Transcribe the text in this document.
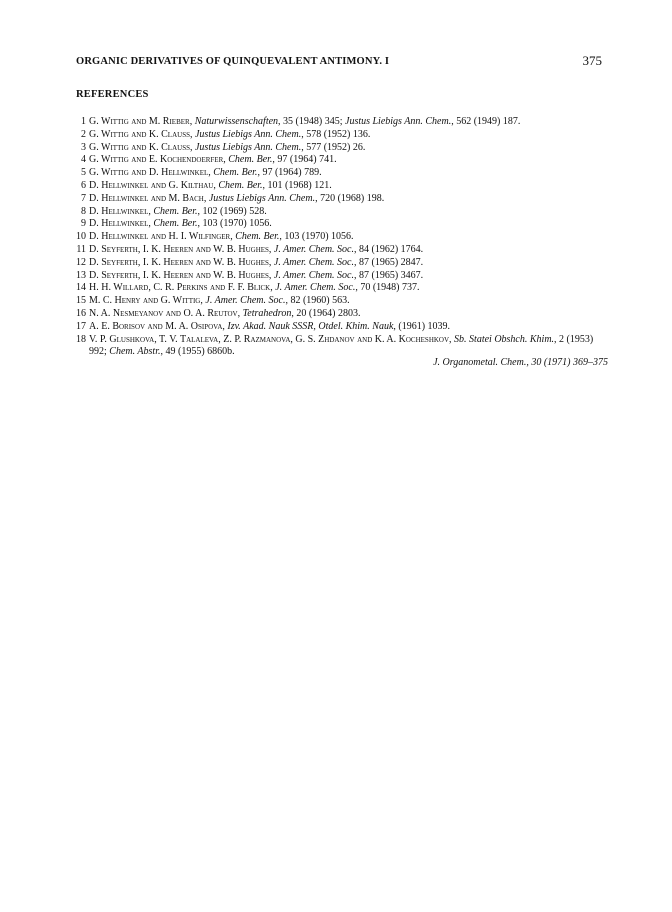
ORGANIC DERIVATIVES OF QUINQUEVALENT ANTIMONY. I	375
REFERENCES
1 G. Wittig and M. Rieber, Naturwissenschaften, 35 (1948) 345; Justus Liebigs Ann. Chem., 562 (1949) 187.
2 G. Wittig and K. Clauss, Justus Liebigs Ann. Chem., 578 (1952) 136.
3 G. Wittig and K. Clauss, Justus Liebigs Ann. Chem., 577 (1952) 26.
4 G. Wittig and E. Kochendoerfer, Chem. Ber., 97 (1964) 741.
5 G. Wittig and D. Hellwinkel, Chem. Ber., 97 (1964) 789.
6 D. Hellwinkel and G. Kilthau, Chem. Ber., 101 (1968) 121.
7 D. Hellwinkel and M. Bach, Justus Liebigs Ann. Chem., 720 (1968) 198.
8 D. Hellwinkel, Chem. Ber., 102 (1969) 528.
9 D. Hellwinkel, Chem. Ber., 103 (1970) 1056.
10 D. Hellwinkel and H. I. Wilfinger, Chem. Ber., 103 (1970) 1056.
11 D. Seyferth, I. K. Heeren and W. B. Hughes, J. Amer. Chem. Soc., 84 (1962) 1764.
12 D. Seyferth, I. K. Heeren and W. B. Hughes, J. Amer. Chem. Soc., 87 (1965) 2847.
13 D. Seyferth, I. K. Heeren and W. B. Hughes, J. Amer. Chem. Soc., 87 (1965) 3467.
14 H. H. Willard, C. R. Perkins and F. F. Blick, J. Amer. Chem. Soc., 70 (1948) 737.
15 M. C. Henry and G. Wittig, J. Amer. Chem. Soc., 82 (1960) 563.
16 N. A. Nesmeyanov and O. A. Reutov, Tetrahedron, 20 (1964) 2803.
17 A. E. Borisov and M. A. Osipova, Izv. Akad. Nauk SSSR, Otdel. Khim. Nauk, (1961) 1039.
18 V. P. Glushkova, T. V. Talaleva, Z. P. Razmanova, G. S. Zhdanov and K. A. Kocheshkov, Sb. Statei Obshch. Khim., 2 (1953) 992; Chem. Abstr., 49 (1955) 6860b.
J. Organometal. Chem., 30 (1971) 369–375
